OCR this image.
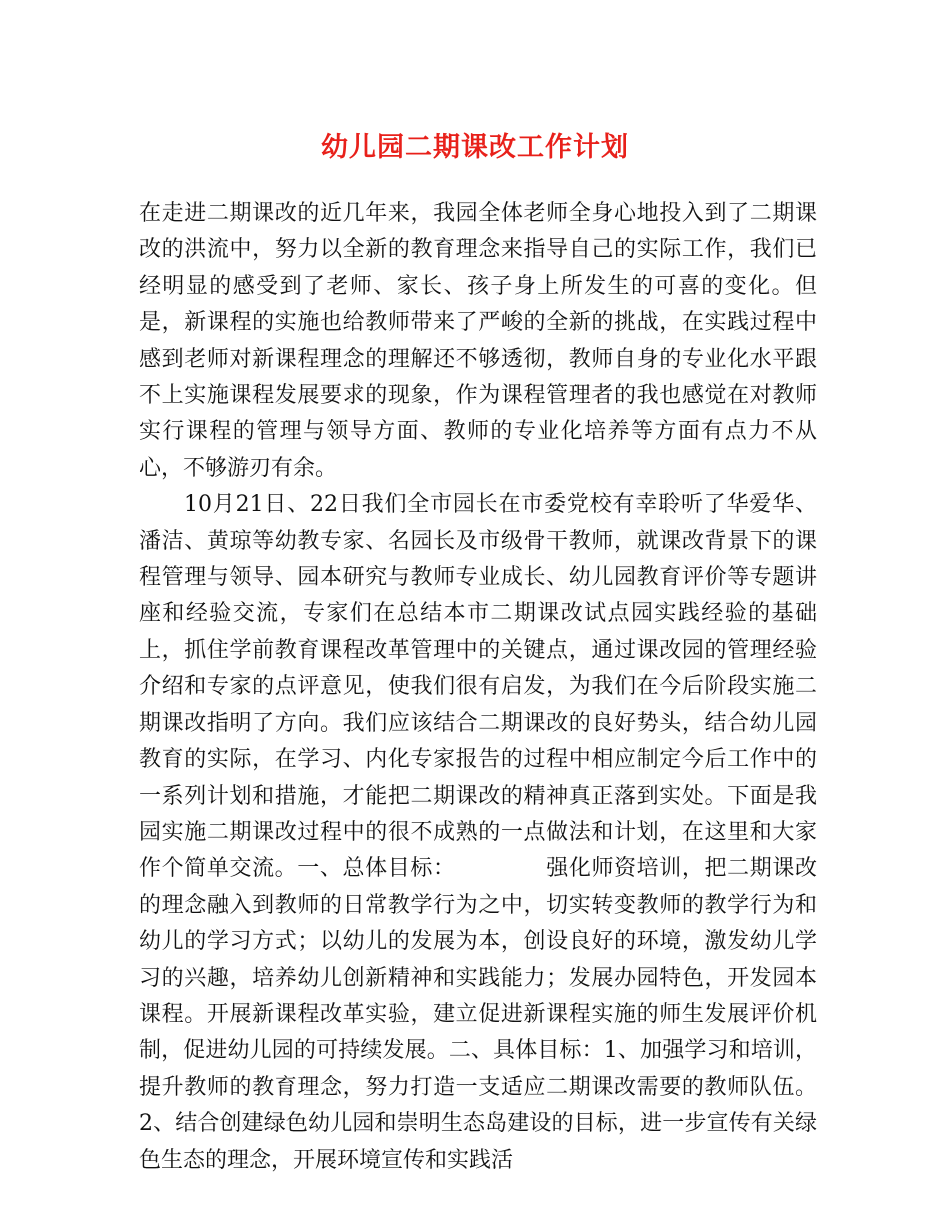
幼儿园二期课改工作计划

在走进二期课改的近几年来，我园全体老师全身心地投入到了二期课改的洪流中，努力以全新的教育理念来指导自己的实际工作，我们已经明显的感受到了老师、家长、孩子身上所发生的可喜的变化。但是，新课程的实施也给教师带来了严峻的全新的挑战，在实践过程中感到老师对新课程理念的理解还不够透彻，教师自身的专业化水平跟不上实施课程发展要求的现象，作为课程管理者的我也感觉在对教师实行课程的管理与领导方面、教师的专业化培养等方面有点力不从心，不够游刃有余。

10月21日、22日我们全市园长在市委党校有幸聆听了华爱华、潘洁、黄琼等幼教专家、名园长及市级骨干教师，就课改背景下的课程管理与领导、园本研究与教师专业成长、幼儿园教育评价等专题讲座和经验交流，专家们在总结本市二期课改试点园实践经验的基础上，抓住学前教育课程改革管理中的关键点，通过课改园的管理经验介绍和专家的点评意见，使我们很有启发，为我们在今后阶段实施二期课改指明了方向。我们应该结合二期课改的良好势头，结合幼儿园教育的实际，在学习、内化专家报告的过程中相应制定今后工作中的一系列计划和措施，才能把二期课改的精神真正落到实处。下面是我园实施二期课改过程中的很不成熟的一点做法和计划，在这里和大家作个简单交流。一、总体目标：	强化师资培训，把二期课改的理念融入到教师的日常教学行为之中，切实转变教师的教学行为和幼儿的学习方式；以幼儿的发展为本，创设良好的环境，激发幼儿学习的兴趣，培养幼儿创新精神和实践能力；发展办园特色，开发园本课程。开展新课程改革实验，建立促进新课程实施的师生发展评价机制，促进幼儿园的可持续发展。二、具体目标：1、加强学习和培训，提升教师的教育理念，努力打造一支适应二期课改需要的教师队伍。2、结合创建绿色幼儿园和崇明生态岛建设的目标，进一步宣传有关绿色生态的理念，开展环境宣传和实践活
